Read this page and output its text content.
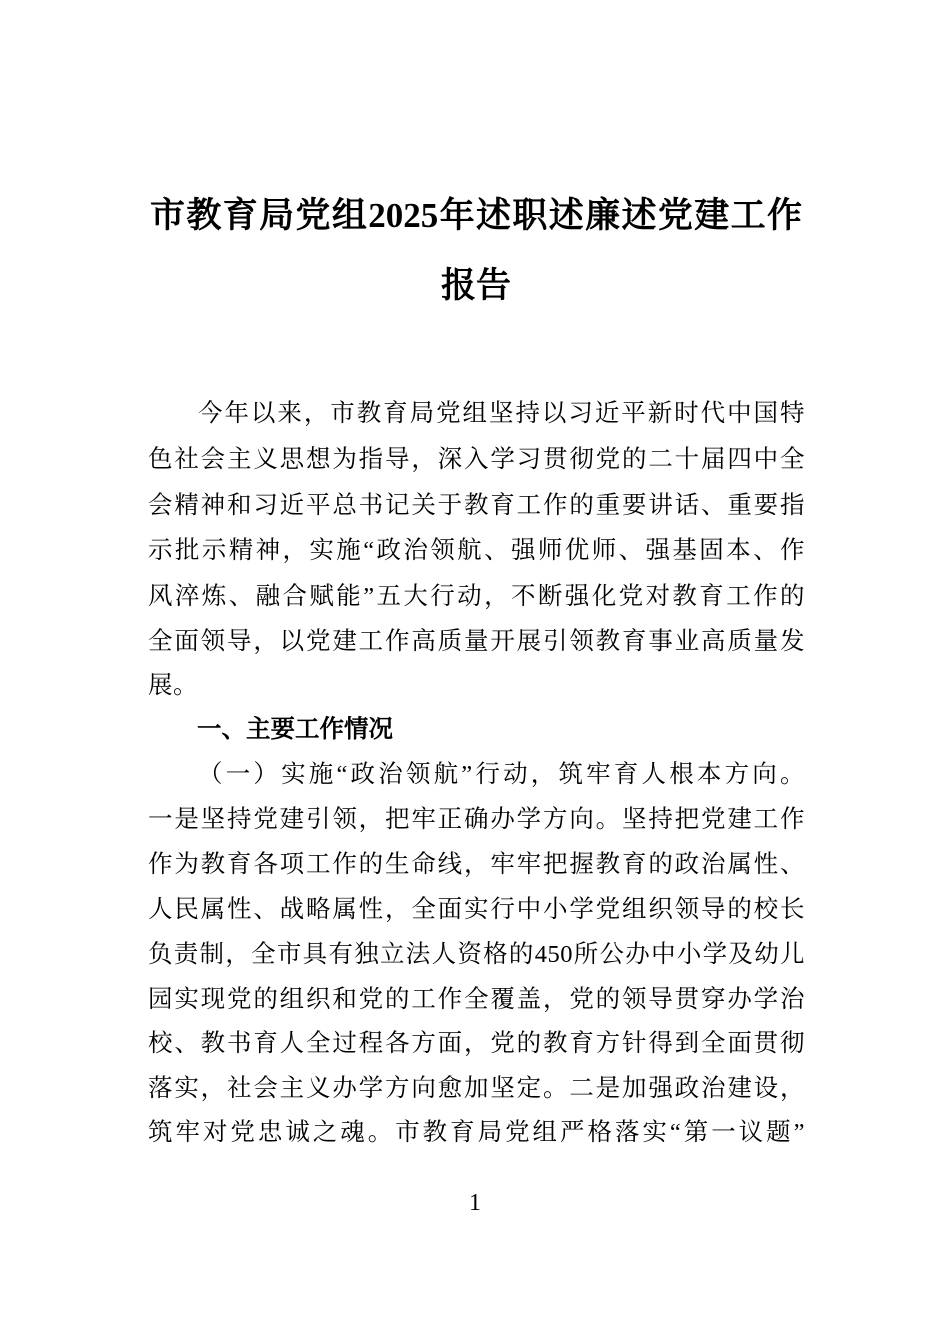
市教育局党组2025年述职述廉述党建工作
报告
今年以来，市教育局党组坚持以习近平新时代中国特
色社会主义思想为指导，深入学习贯彻党的二十届四中全
会精神和习近平总书记关于教育工作的重要讲话、重要指
示批示精神，实施“政治领航、强师优师、强基固本、作
风淬炼、融合赋能”五大行动，不断强化党对教育工作的
全面领导，以党建工作高质量开展引领教育事业高质量发
展。
一、主要工作情况
（一）实施“政治领航”行动，筑牢育人根本方向。
一是坚持党建引领，把牢正确办学方向。坚持把党建工作
作为教育各项工作的生命线，牢牢把握教育的政治属性、
人民属性、战略属性，全面实行中小学党组织领导的校长
负责制，全市具有独立法人资格的450所公办中小学及幼儿
园实现党的组织和党的工作全覆盖，党的领导贯穿办学治
校、教书育人全过程各方面，党的教育方针得到全面贯彻
落实，社会主义办学方向愈加坚定。二是加强政治建设，
筑牢对党忠诚之魂。市教育局党组严格落实“第一议题”
1
